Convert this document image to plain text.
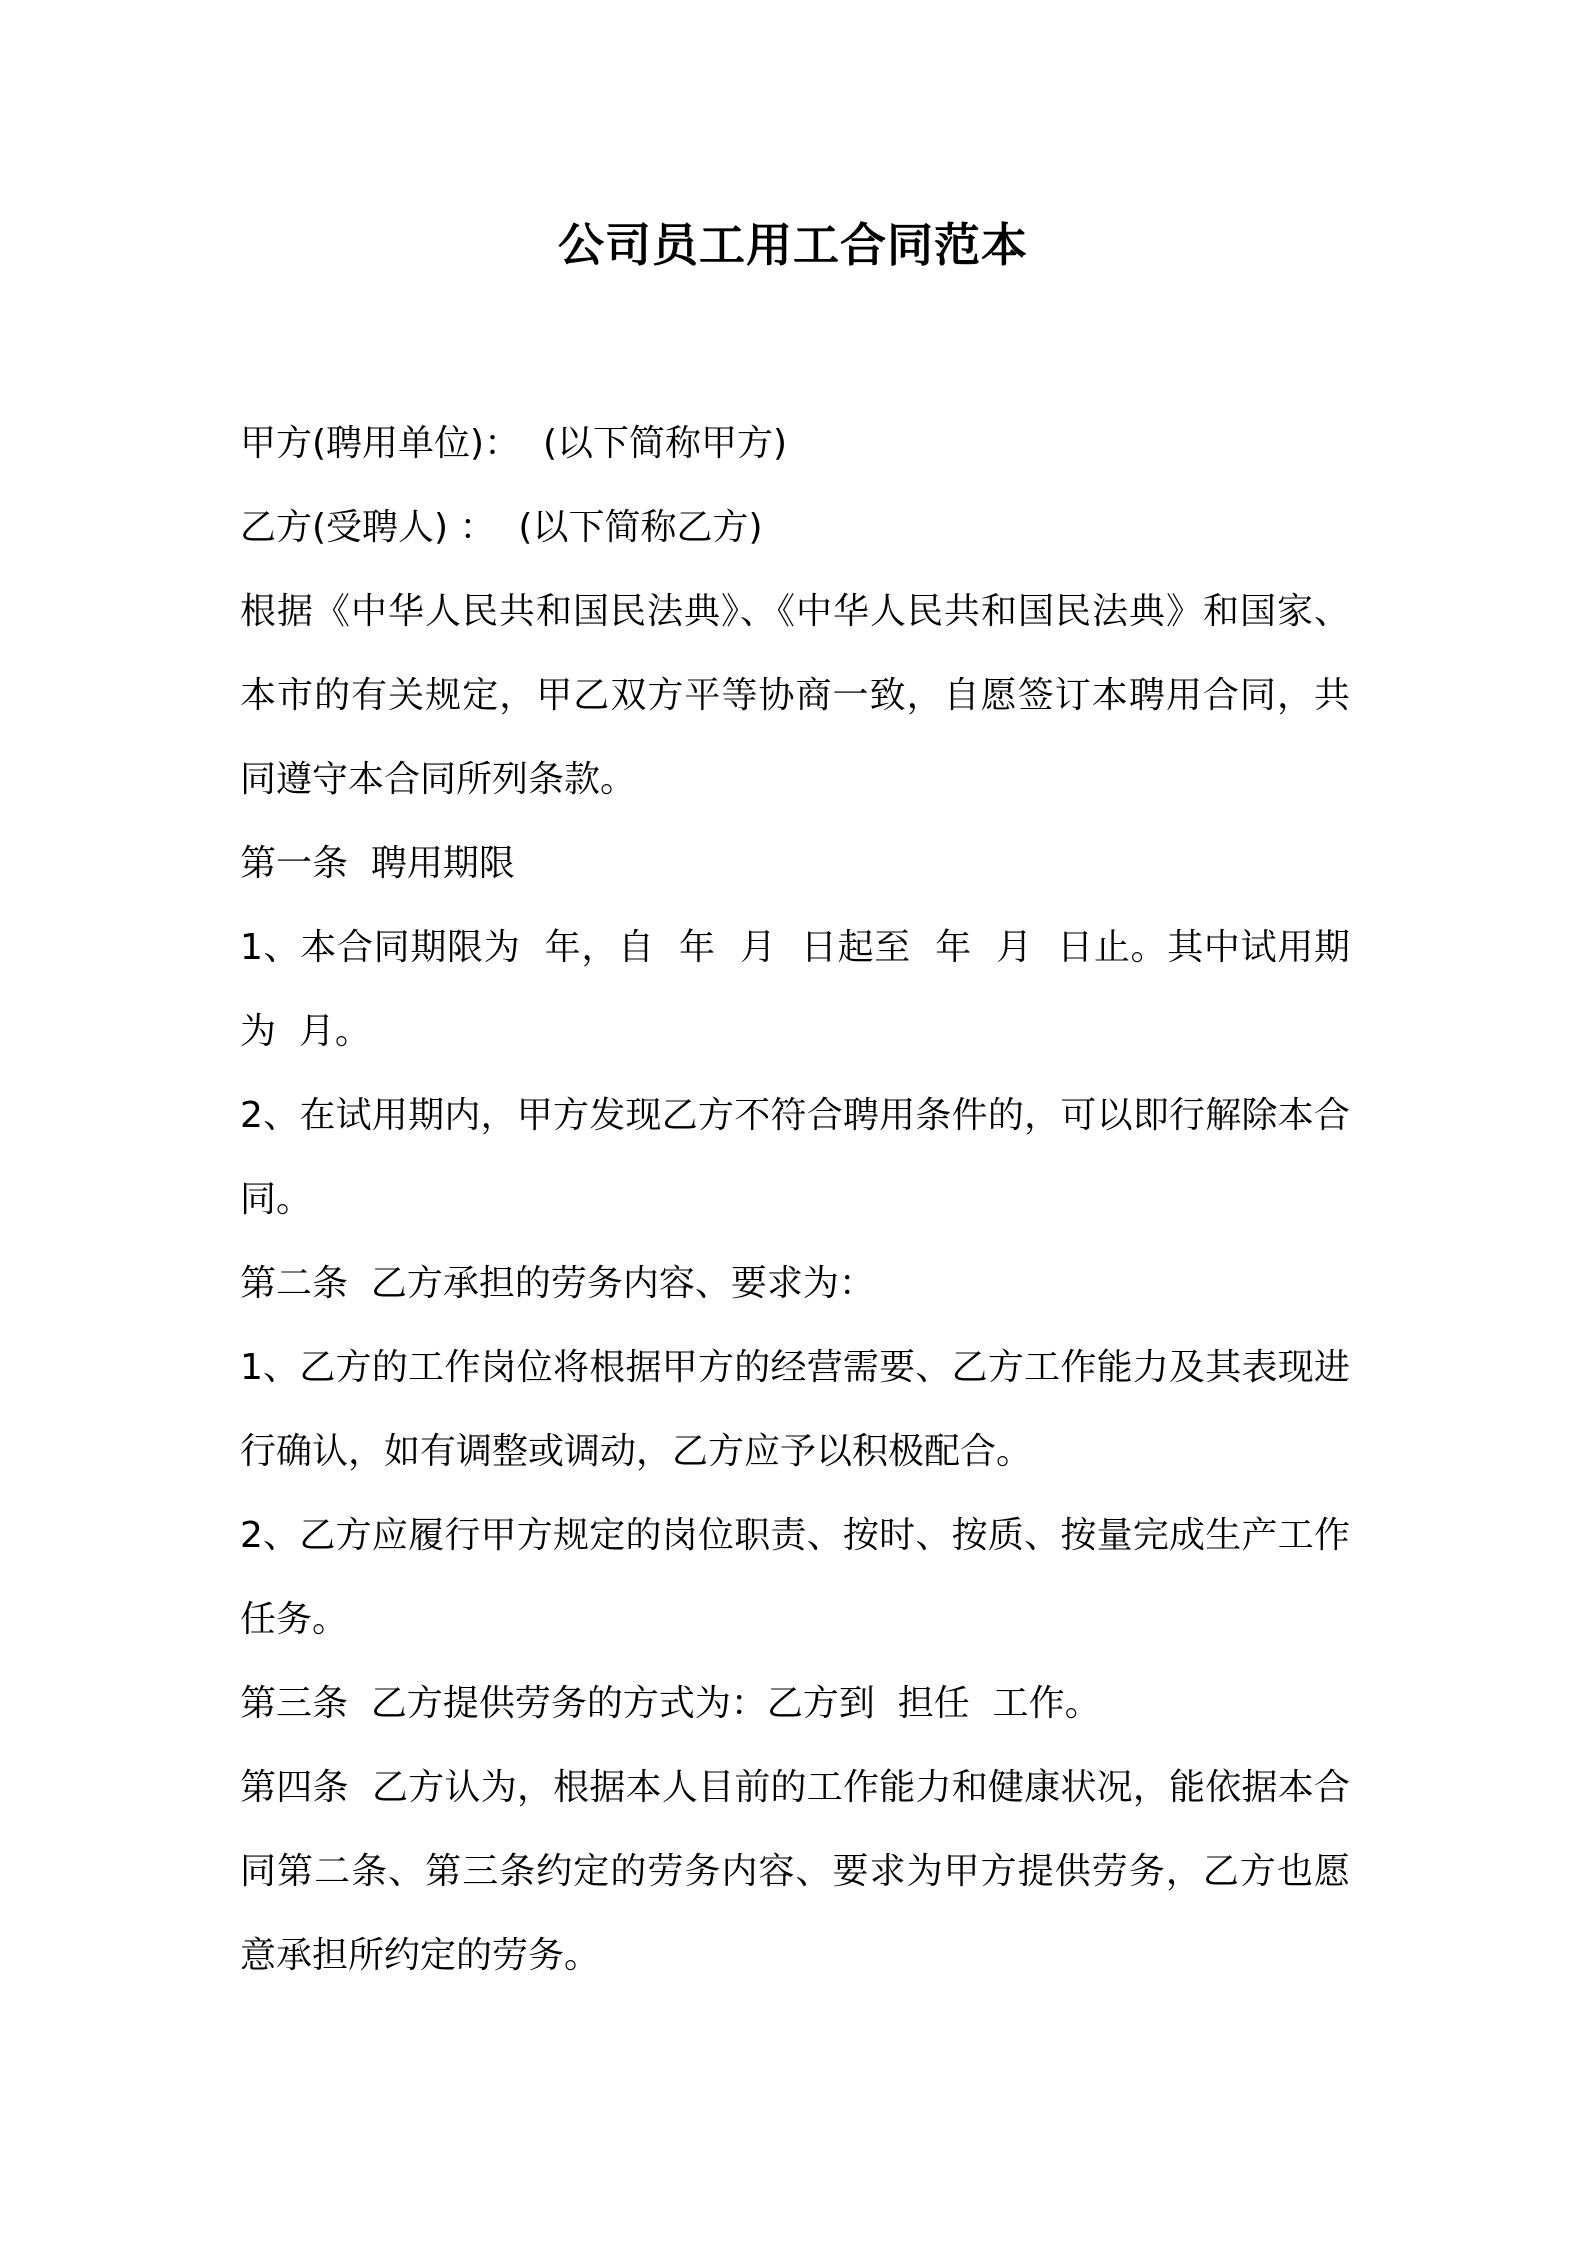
公司员工用工合同范本

甲方(聘用单位)：  (以下简称甲方)

乙方(受聘人) ：  (以下简称乙方)

根据《中华人民共和国民法典》、《中华人民共和国民法典》和国家、本市的有关规定，甲乙双方平等协商一致，自愿签订本聘用合同，共同遵守本合同所列条款。

第一条  聘用期限

1、本合同期限为  年，自  年  月  日起至  年  月  日止。其中试用期为  月。

2、在试用期内，甲方发现乙方不符合聘用条件的，可以即行解除本合同。

第二条  乙方承担的劳务内容、要求为：

1、乙方的工作岗位将根据甲方的经营需要、乙方工作能力及其表现进行确认，如有调整或调动，乙方应予以积极配合。

2、乙方应履行甲方规定的岗位职责、按时、按质、按量完成生产工作任务。

第三条  乙方提供劳务的方式为：乙方到  担任  工作。

第四条  乙方认为，根据本人目前的工作能力和健康状况，能依据本合同第二条、第三条约定的劳务内容、要求为甲方提供劳务，乙方也愿意承担所约定的劳务。
